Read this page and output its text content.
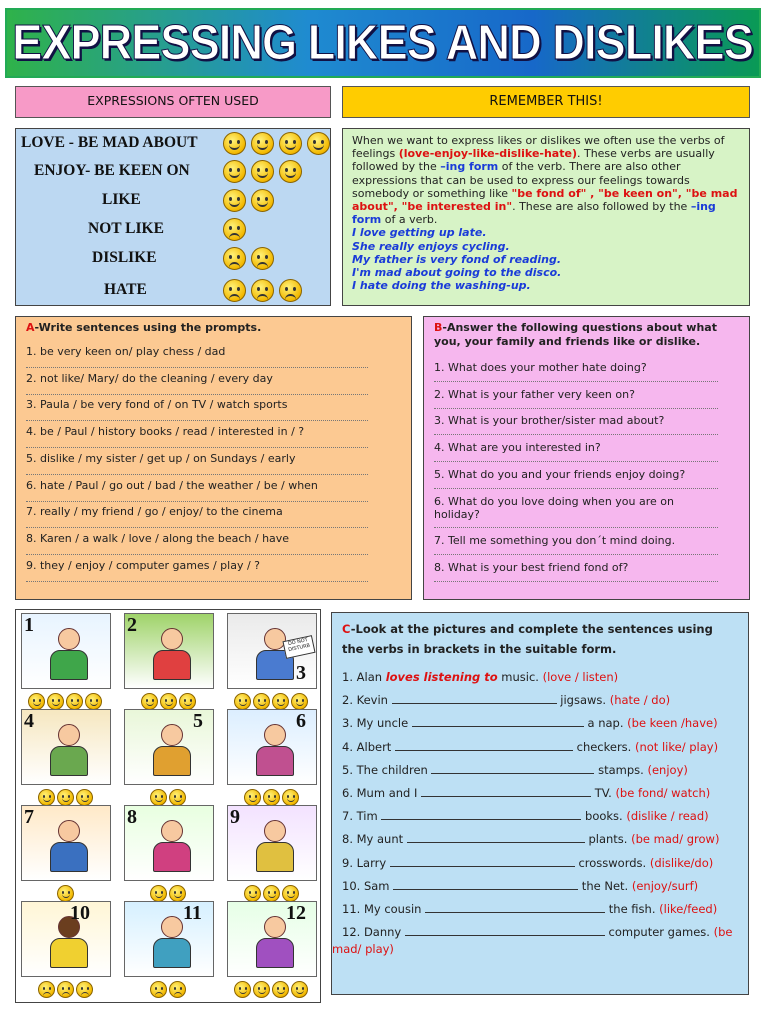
EXPRESSING LIKES AND DISLIKES
EXPRESSIONS OFTEN USED	REMEMBER THIS!
LOVE - BE MAD ABOUT
ENJOY- BE KEEN ON
LIKE
NOT LIKE
DISLIKE
HATE
When we want to express likes or dislikes we often use the verbs of feelings (love-enjoy-like-dislike-hate). These verbs are usually followed by the –ing form of the verb. There are also other expressions that can be used to express our feelings towards somebody or something like "be fond of" , "be keen on", "be mad about", "be interested in". These are also followed by the –ing form of a verb.
I love getting up late.
She really enjoys cycling.
My father is very fond of reading.
I'm mad about going to the disco.
I hate doing the washing-up.
A-Write sentences using the prompts.
1. be very keen on/ play chess / dad
2. not like/ Mary/ do the cleaning / every day
3. Paula / be very fond of / on TV / watch sports
4. be / Paul / history books / read / interested in / ?
5. dislike / my sister / get up / on Sundays / early
6. hate / Paul / go out / bad / the weather / be / when
7. really / my friend / go / enjoy/ to the cinema
8. Karen / a walk / love / along the beach / have
9. they / enjoy / computer games / play / ?
B-Answer the following questions about what you, your family and friends like or dislike.
1. What does your mother hate doing?
2. What is your father very keen on?
3. What is your brother/sister mad about?
4. What are you interested in?
5. What do you and your friends enjoy doing?
6. What do you love doing when you are on
holiday?
7. Tell me something you don´t mind doing.
8. What is your best friend fond of?
1	2
DO NOT DISTURB
3
4	5	6
7	8	9
10	11	12
C-Look at the pictures and complete the sentences using the verbs in brackets in the suitable form.
1. Alan loves listening to music. (love / listen)
2. Kevin	jigsaws. (hate / do)
3. My uncle	a nap. (be keen /have)
4. Albert	checkers. (not like/ play)
5. The children	stamps. (enjoy)
6. Mum and I	TV. (be fond/ watch)
7. Tim	books. (dislike / read)
8. My aunt	plants. (be mad/ grow)
9. Larry	crosswords. (dislike/do)
10. Sam	the Net. (enjoy/surf)
11. My cousin	the fish. (like/feed)
12. Danny	computer games. (be
mad/ play)
